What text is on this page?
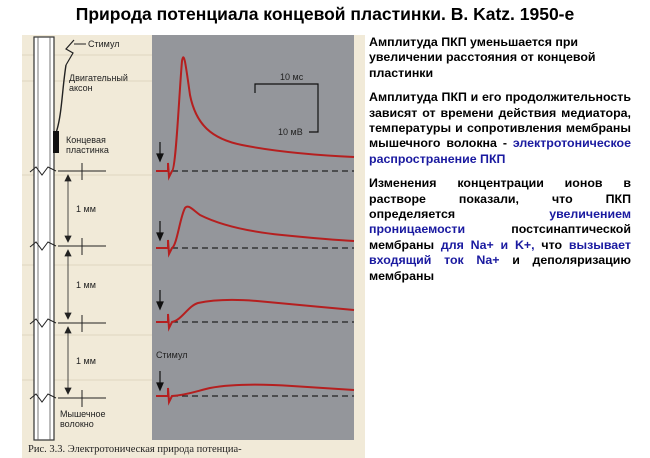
Природа потенциала концевой пластинки. B. Katz. 1950-е
Стимул
Двигательный
аксон
Концевая
пластинка
1 мм
1 мм
1 мм
Мышечное
волокно
Стимул
10 мс
10 мВ
Рис. 3.3. Электротоническая природа потенциа-

Амплитуда ПКП уменьшается при увеличении расстояния от концевой пластинки

Амплитуда ПКП и его продолжительность зависят от времени действия медиатора, температуры и сопротивления мембраны мышечного волокна - электротоническое распространение ПКП

Изменения концентрации ионов в растворе показали, что ПКП определяется	увеличением проницаемости	постсинаптической мембраны для Na+ и K+, что вызывает входящий ток Na+ и деполяризацию мембраны
